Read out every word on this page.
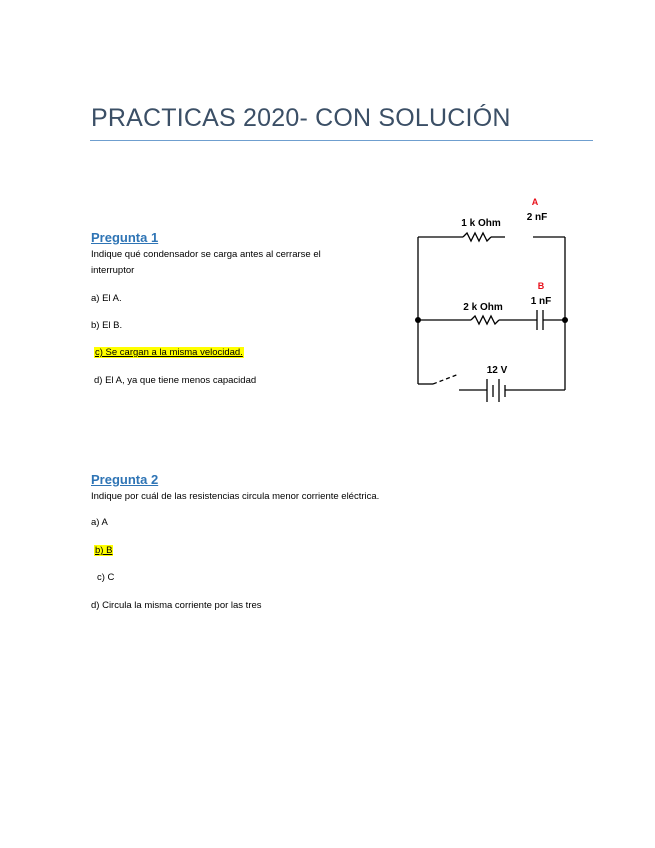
PRACTICAS 2020- CON SOLUCIÓN
Pregunta 1
Indique qué condensador se carga antes al cerrarse el
interruptor
a) El A.
b) El B.
c) Se cargan a la misma velocidad.
d) El A, ya que tiene menos capacidad
Pregunta 2
Indique por cuál de las resistencias circula menor corriente eléctrica.
a) A
b) B
c) C
d) Circula la misma corriente por las tres
A
2 nF
1 k Ohm
B
1 nF
2 k Ohm
12 V
